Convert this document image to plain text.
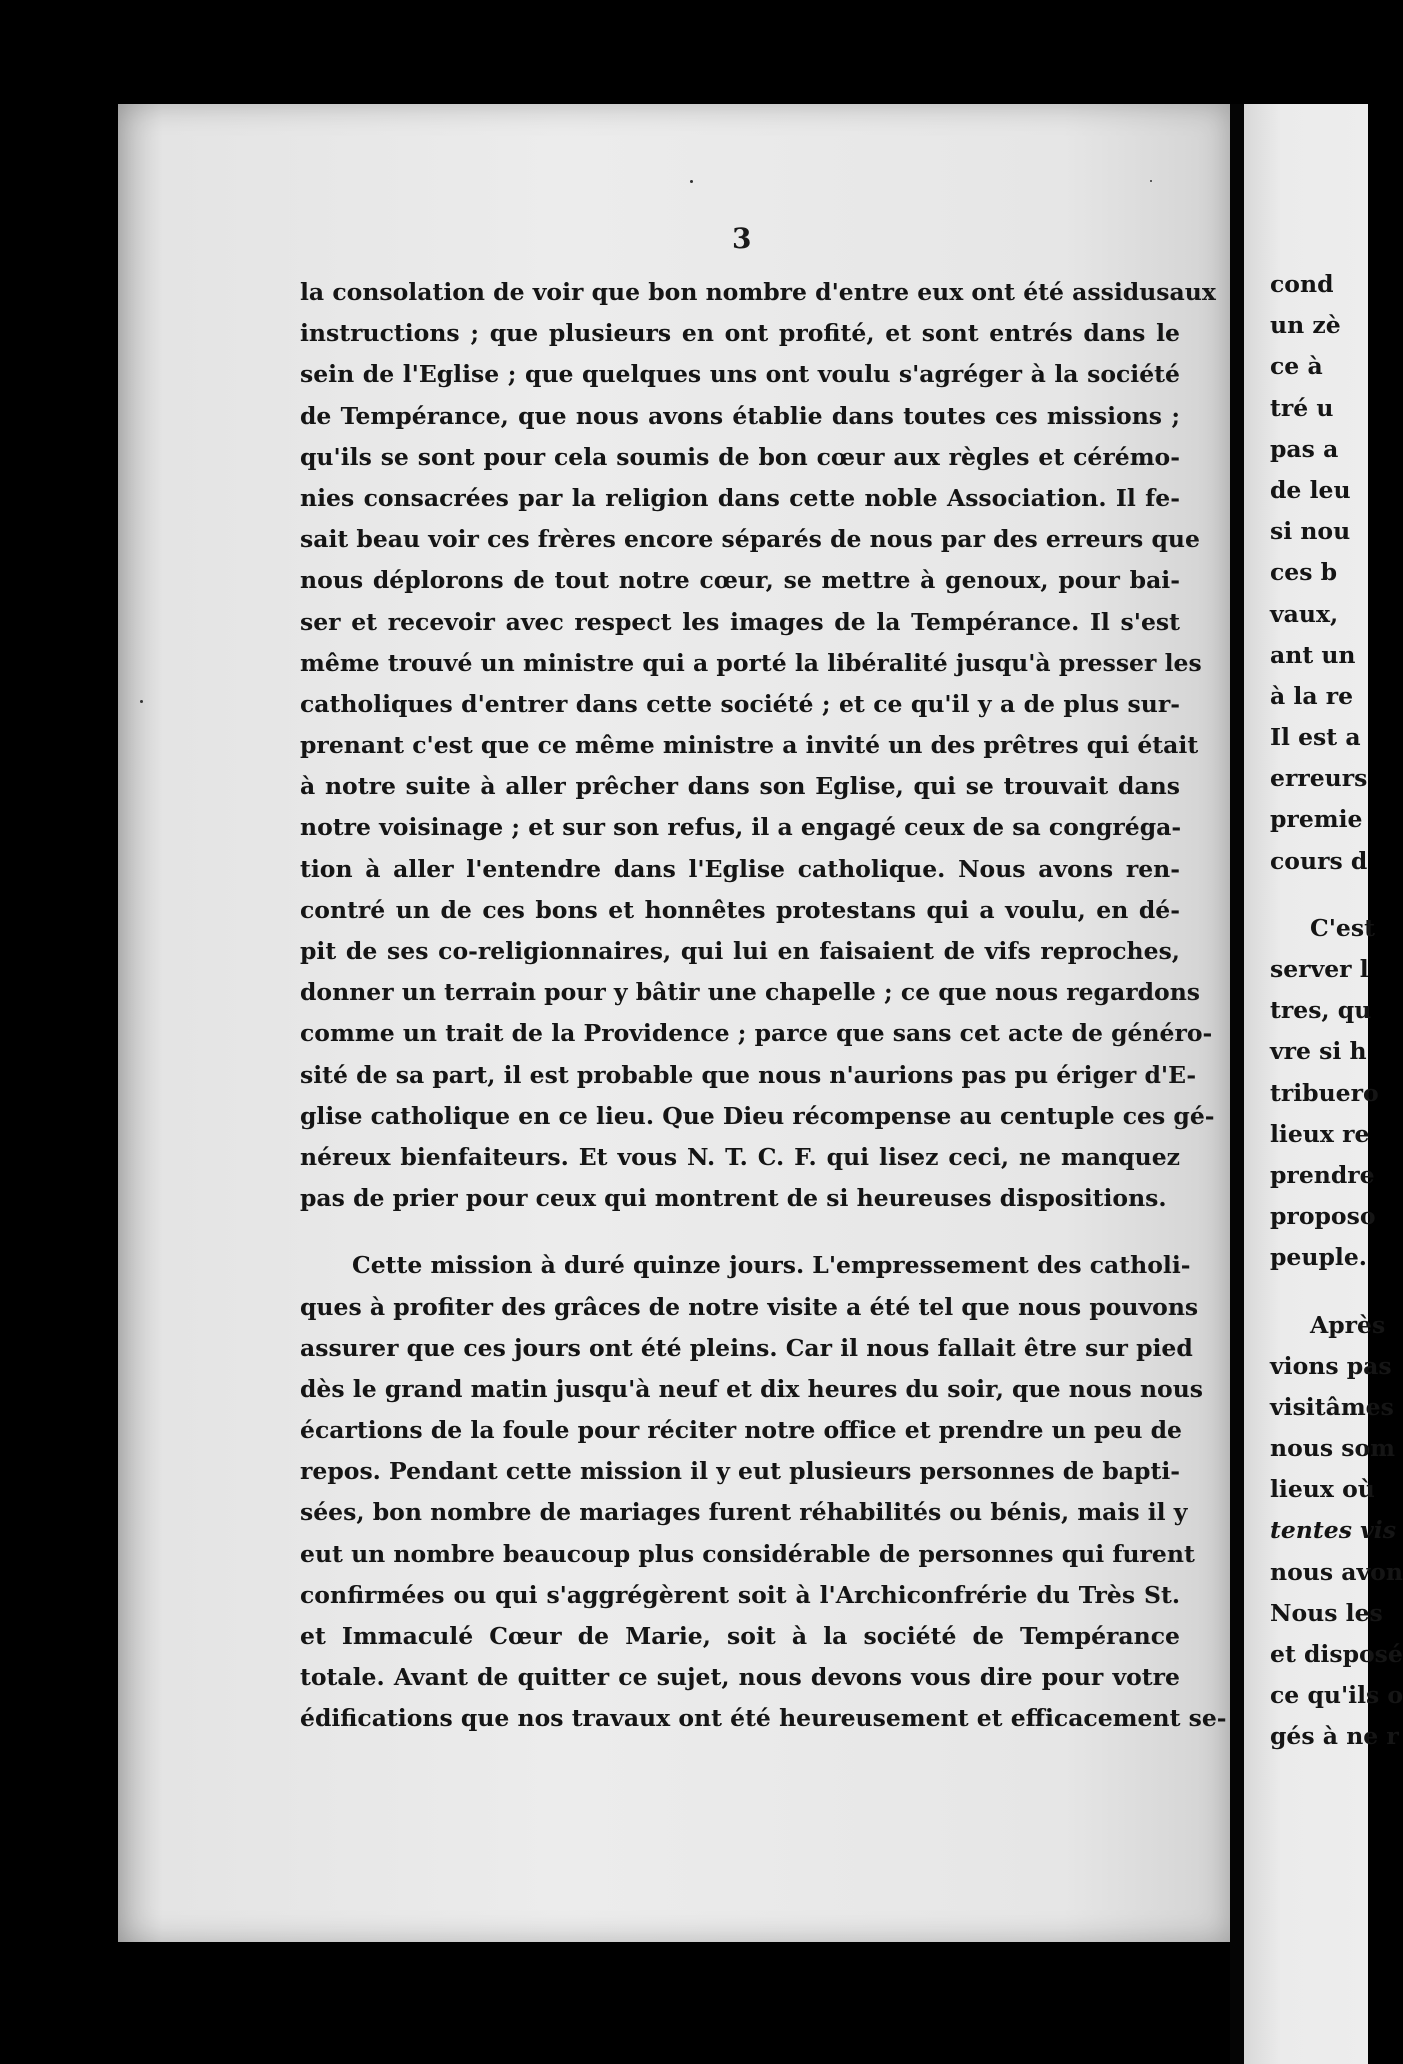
3
la consolation de voir que bon nombre d'entre eux ont été assidusaux
instructions ; que plusieurs en ont profité, et sont entrés dans le
sein de l'Eglise ; que quelques uns ont voulu s'agréger à la société
de Tempérance, que nous avons établie dans toutes ces missions ;
qu'ils se sont pour cela soumis de bon cœur aux règles et cérémo-
nies consacrées par la religion dans cette noble Association. Il fe-
sait beau voir ces frères encore séparés de nous par des erreurs que
nous déplorons de tout notre cœur, se mettre à genoux, pour bai-
ser et recevoir avec respect les images de la Tempérance. Il s'est
même trouvé un ministre qui a porté la libéralité jusqu'à presser les
catholiques d'entrer dans cette société ; et ce qu'il y a de plus sur-
prenant c'est que ce même ministre a invité un des prêtres qui était
à notre suite à aller prêcher dans son Eglise, qui se trouvait dans
notre voisinage ; et sur son refus, il a engagé ceux de sa congréga-
tion à aller l'entendre dans l'Eglise catholique. Nous avons ren-
contré un de ces bons et honnêtes protestans qui a voulu, en dé-
pit de ses co-religionnaires, qui lui en faisaient de vifs reproches,
donner un terrain pour y bâtir une chapelle ; ce que nous regardons
comme un trait de la Providence ; parce que sans cet acte de généro-
sité de sa part, il est probable que nous n'aurions pas pu ériger d'E-
glise catholique en ce lieu. Que Dieu récompense au centuple ces gé-
néreux bienfaiteurs. Et vous N. T. C. F. qui lisez ceci, ne manquez
pas de prier pour ceux qui montrent de si heureuses dispositions.
Cette mission à duré quinze jours. L'empressement des catholi-
ques à profiter des grâces de notre visite a été tel que nous pouvons
assurer que ces jours ont été pleins. Car il nous fallait être sur pied
dès le grand matin jusqu'à neuf et dix heures du soir, que nous nous
écartions de la foule pour réciter notre office et prendre un peu de
repos. Pendant cette mission il y eut plusieurs personnes de bapti-
sées, bon nombre de mariages furent réhabilités ou bénis, mais il y
eut un nombre beaucoup plus considérable de personnes qui furent
confirmées ou qui s'aggrégèrent soit à l'Archiconfrérie du Très St.
et Immaculé Cœur de Marie, soit à la société de Tempérance
totale. Avant de quitter ce sujet, nous devons vous dire pour votre
édifications que nos travaux ont été heureusement et efficacement se-
cond
un zè
ce à
tré u
pas a
de leu
si nou
ces b
vaux,
ant un
à la re
Il est a
erreurs
premie
cours d
C'est
server l
tres, qu
vre si h
tribuero
lieux re
prendre
proposo
peuple.
Après
vions pas
visitâmes
nous som
lieux où
tentes vis
nous avon
Nous les
et disposé
ce qu'ils o
gés à ne r
